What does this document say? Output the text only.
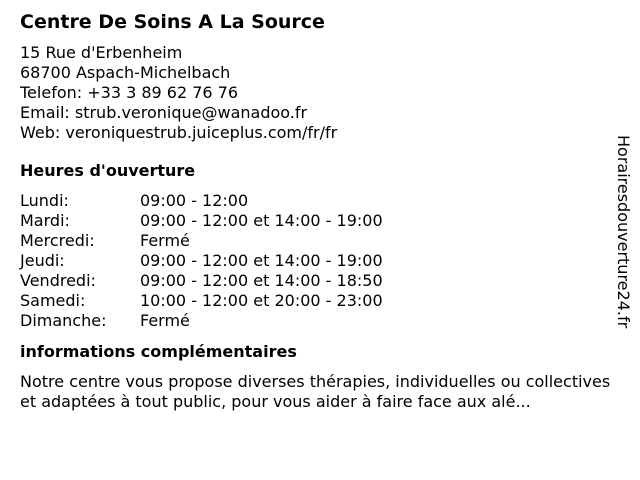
Centre De Soins A La Source
15 Rue d'Erbenheim
68700 Aspach-Michelbach
Telefon: +33 3 89 62 76 76
Email: strub.veronique@wanadoo.fr
Web: veroniquestrub.juiceplus.com/fr/fr
Heures d'ouverture
Lundi:	09:00 - 12:00
Mardi:	09:00 - 12:00 et 14:00 - 19:00
Mercredi:	Fermé
Jeudi:	09:00 - 12:00 et 14:00 - 19:00
Vendredi:	09:00 - 12:00 et 14:00 - 18:50
Samedi:	10:00 - 12:00 et 20:00 - 23:00
Dimanche: Fermé
informations complémentaires
Notre centre vous propose diverses thérapies, individuelles ou collectives et adaptées à tout public, pour vous aider à faire face aux alé...
Horairesdouverture24.fr
